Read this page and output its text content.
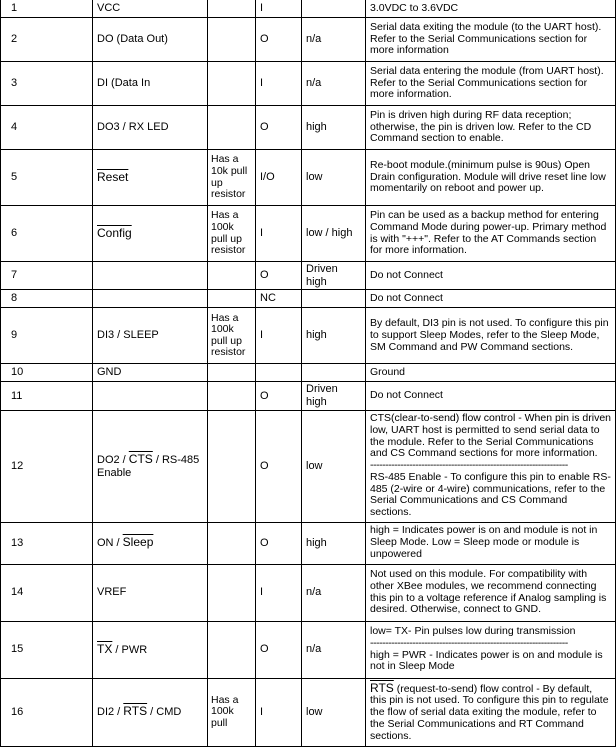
1	VCC		I		3.0VDC to 3.6VDC
2	DO (Data Out)		O	n/a	Serial data exiting the module (to the UART host). Refer to the Serial Communications section for more information
3	DI (Data In		I	n/a	Serial data entering the module (from UART host). Refer to the Serial Communications section for more information.
4	DO3 / RX LED		O	high	Pin is driven high during RF data reception; otherwise, the pin is driven low. Refer to the CD Command section to enable.
5	Reset	Has a 10k pull up resistor	I/O	low	Re-boot module.(minimum pulse is 90us) Open Drain configuration. Module will drive reset line low momentarily on reboot and power up.
6	Config	Has a 100k pull up resistor	I	low / high	Pin can be used as a backup method for entering Command Mode during power-up. Primary method is with "+++". Refer to the AT Commands section for more information.
7			O	Driven high	Do not Connect
8			NC		Do not Connect
9	DI3 / SLEEP	Has a 100k pull up resistor	I	high	By default, DI3 pin is not used. To configure this pin to support Sleep Modes, refer to the Sleep Mode, SM Command and PW Command sections.
10	GND				Ground
11			O	Driven high	Do not Connect
12	$DO2 / \overline{CTS} / RS-485$ Enable		O	low	CTS(clear-to-send) flow control - When pin is driven low, UART host is permitted to send serial data to the module. Refer to the Serial Communications and CS Command sections for more information.
------------------------------------------------------------------
RS-485 Enable - To configure this pin to enable RS-485 (2-wire or 4-wire) communications, refer to the Serial Communications and CS Command sections.
13	ON / Sleep		O	high	high = Indicates power is on and module is not in Sleep Mode. Low = Sleep mode or module is unpowered
14	VREF		I	n/a	Not used on this module. For compatibility with other XBee modules, we recommend connecting this pin to a voltage reference if Analog sampling is desired. Otherwise, connect to GND.
15	$\overline{TX}$ / PWR		O	n/a	low= TX- Pin pulses low during transmission
------------------------------------------------------------------
high = PWR - Indicates power is on and module is not in Sleep Mode
16	$DI2 / \overline{RTS}$ / CMD	Has a 100k pull	I	low	$\overline{RTS}$ (request-to-send) flow control - By default, this pin is not used. To configure this pin to regulate the flow of serial data exiting the module, refer to the Serial Communications and RT Command sections.
